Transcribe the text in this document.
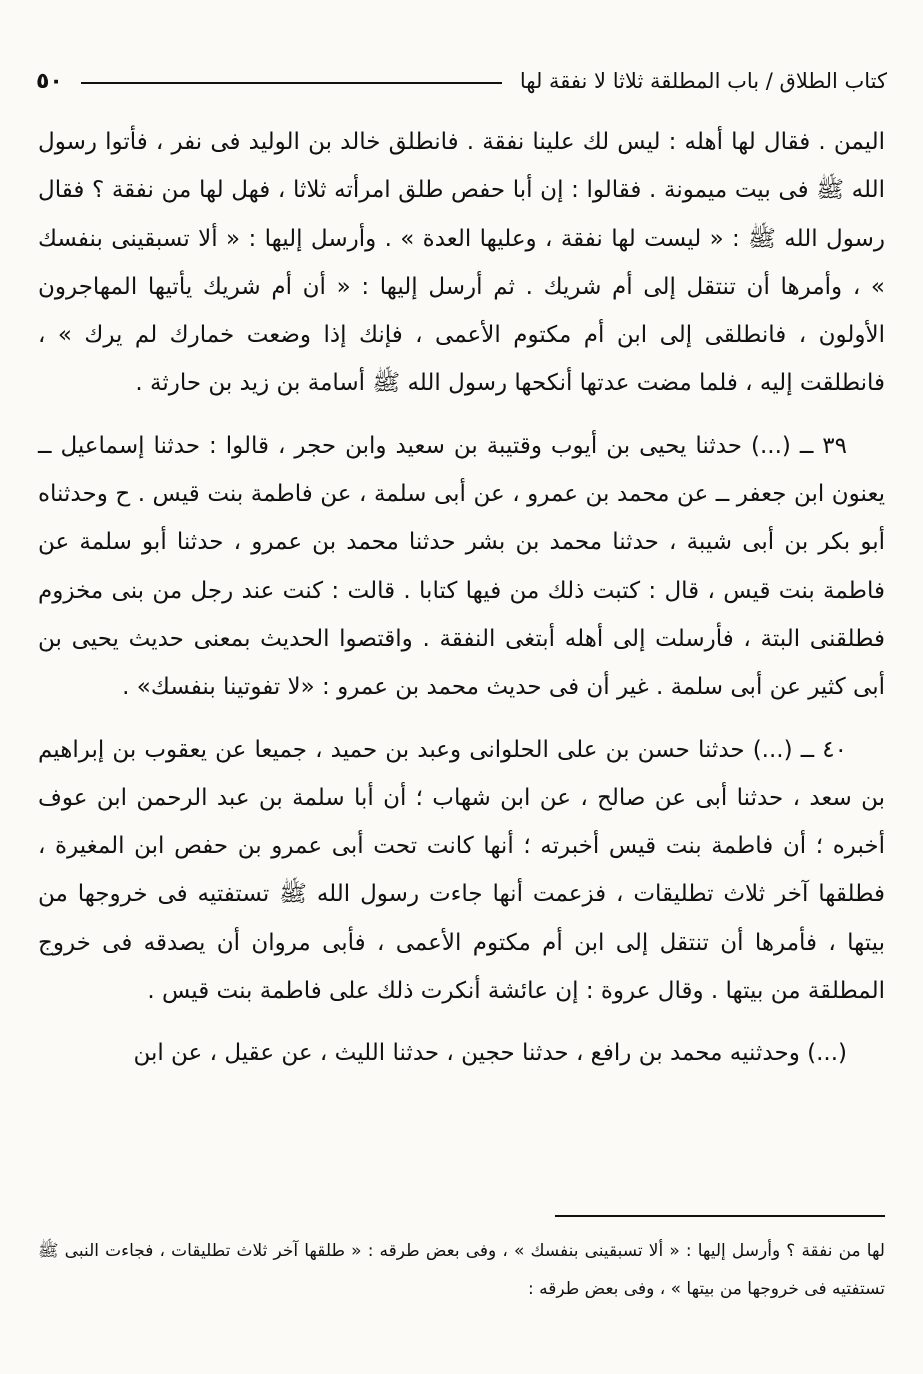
كتاب الطلاق / باب المطلقة ثلاثا لا نفقة لها
٥٠

اليمن . فقال لها أهله : ليس لك علينا نفقة . فانطلق خالد بن الوليد فى نفر ، فأتوا رسول الله ﷺ فى بيت ميمونة . فقالوا : إن أبا حفص طلق امرأته ثلاثا ، فهل لها من نفقة ؟ فقال رسول الله ﷺ : « ليست لها نفقة ، وعليها العدة » . وأرسل إليها : « ألا تسبقينى بنفسك » ، وأمرها أن تنتقل إلى أم شريك . ثم أرسل إليها : « أن أم شريك يأتيها المهاجرون الأولون ، فانطلقى إلى ابن أم مكتوم الأعمى ، فإنك إذا وضعت خمارك لم يرك » ، فانطلقت إليه ، فلما مضت عدتها أنكحها رسول الله ﷺ أسامة بن زيد بن حارثة .

٣٩ ــ (...) حدثنا يحيى بن أيوب وقتيبة بن سعيد وابن حجر ، قالوا : حدثنا إسماعيل ــ يعنون ابن جعفر ــ عن محمد بن عمرو ، عن أبى سلمة ، عن فاطمة بنت قيس . ح وحدثناه أبو بكر بن أبى شيبة ، حدثنا محمد بن بشر حدثنا محمد بن عمرو ، حدثنا أبو سلمة عن فاطمة بنت قيس ، قال : كتبت ذلك من فيها كتابا . قالت : كنت عند رجل من بنى مخزوم فطلقنى البتة ، فأرسلت إلى أهله أبتغى النفقة . واقتصوا الحديث بمعنى حديث يحيى بن أبى كثير عن أبى سلمة . غير أن فى حديث محمد بن عمرو : «لا تفوتينا بنفسك» .

٤٠ ــ (...) حدثنا حسن بن على الحلوانى وعبد بن حميد ، جميعا عن يعقوب بن إبراهيم بن سعد ، حدثنا أبى عن صالح ، عن ابن شهاب ؛ أن أبا سلمة بن عبد الرحمن ابن عوف أخبره ؛ أن فاطمة بنت قيس أخبرته ؛ أنها كانت تحت أبى عمرو بن حفص ابن المغيرة ، فطلقها آخر ثلاث تطليقات ، فزعمت أنها جاءت رسول الله ﷺ تستفتيه فى خروجها من بيتها ، فأمرها أن تنتقل إلى ابن أم مكتوم الأعمى ، فأبى مروان أن يصدقه فى خروج المطلقة من بيتها . وقال عروة : إن عائشة أنكرت ذلك على فاطمة بنت قيس .

(...) وحدثنيه محمد بن رافع ، حدثنا حجين ، حدثنا الليث ، عن عقيل ، عن ابن

لها من نفقة ؟ وأرسل إليها : « ألا تسبقينى بنفسك » ، وفى بعض طرقه : « طلقها آخر ثلاث تطليقات ، فجاءت النبى ﷺ تستفتيه فى خروجها من بيتها » ، وفى بعض طرقه :
